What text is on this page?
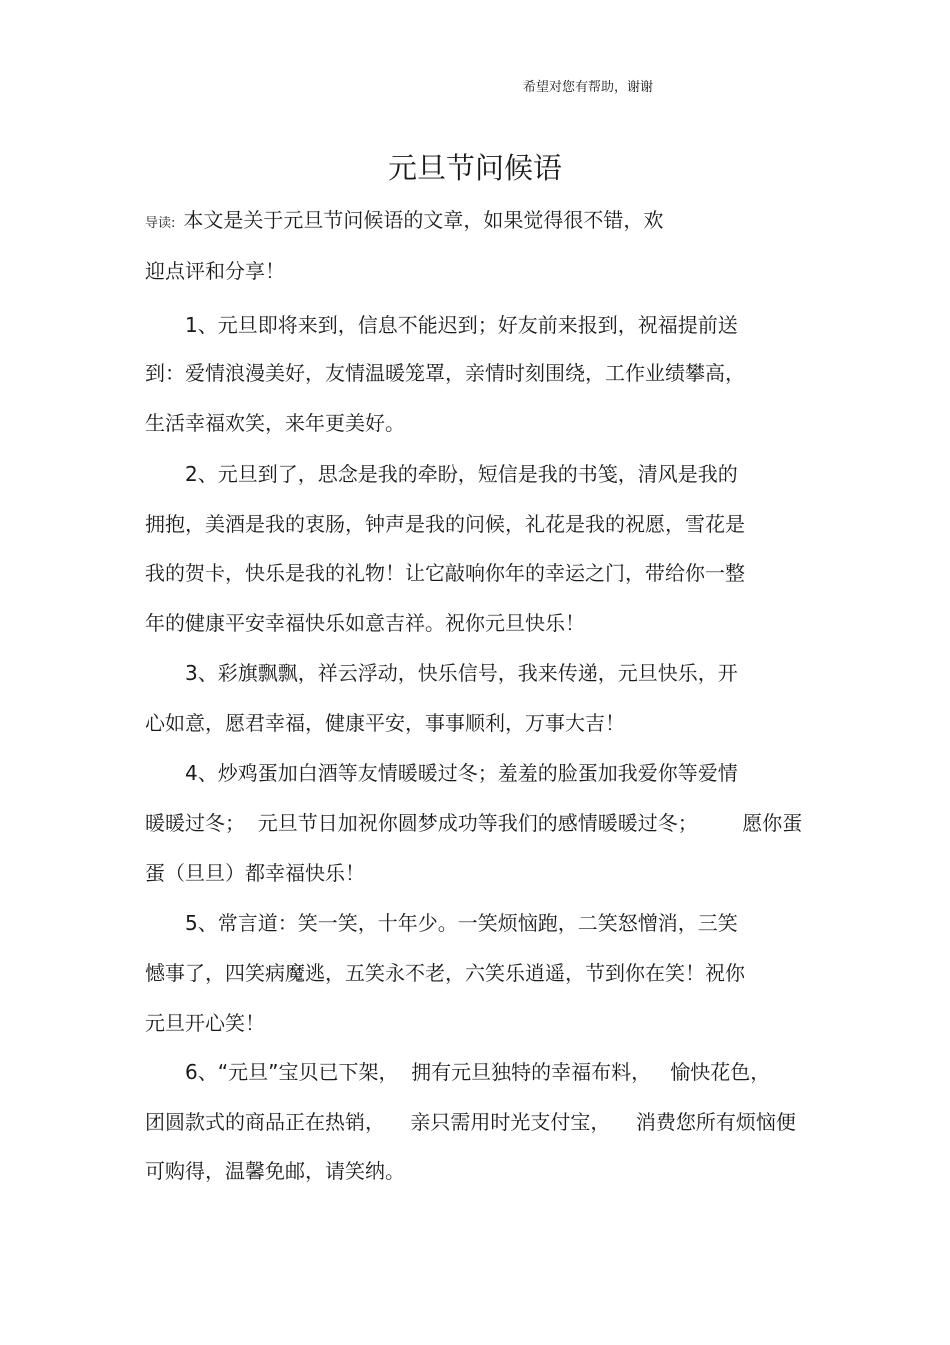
希望对您有帮助，谢谢
元旦节问候语
导读: 本文是关于元旦节问候语的文章，如果觉得很不错，欢
迎点评和分享！
1、元旦即将来到，信息不能迟到；好友前来报到，祝福提前送
到：爱情浪漫美好，友情温暖笼罩，亲情时刻围绕，工作业绩攀高，
生活幸福欢笑，来年更美好。
2、元旦到了，思念是我的牵盼，短信是我的书笺，清风是我的
拥抱，美酒是我的衷肠，钟声是我的问候，礼花是我的祝愿，雪花是
我的贺卡，快乐是我的礼物！让它敲响你年的幸运之门，带给你一整
年的健康平安幸福快乐如意吉祥。祝你元旦快乐！
3、彩旗飘飘，祥云浮动，快乐信号，我来传递，元旦快乐，开
心如意，愿君幸福，健康平安，事事顺利，万事大吉！
4、炒鸡蛋加白酒等友情暖暖过冬；羞羞的脸蛋加我爱你等爱情
暖暖过冬；  元旦节日加祝你圆梦成功等我们的感情暖暖过冬；       愿你蛋
蛋（旦旦）都幸福快乐！
5、常言道：笑一笑，十年少。一笑烦恼跑，二笑怒憎消，三笑
憾事了，四笑病魔逃，五笑永不老，六笑乐逍遥，节到你在笑！祝你
元旦开心笑！
6、“元旦”宝贝已下架，  拥有元旦独特的幸福布料，   愉快花色，
团圆款式的商品正在热销，    亲只需用时光支付宝，    消费您所有烦恼便
可购得，温馨免邮，请笑纳。
